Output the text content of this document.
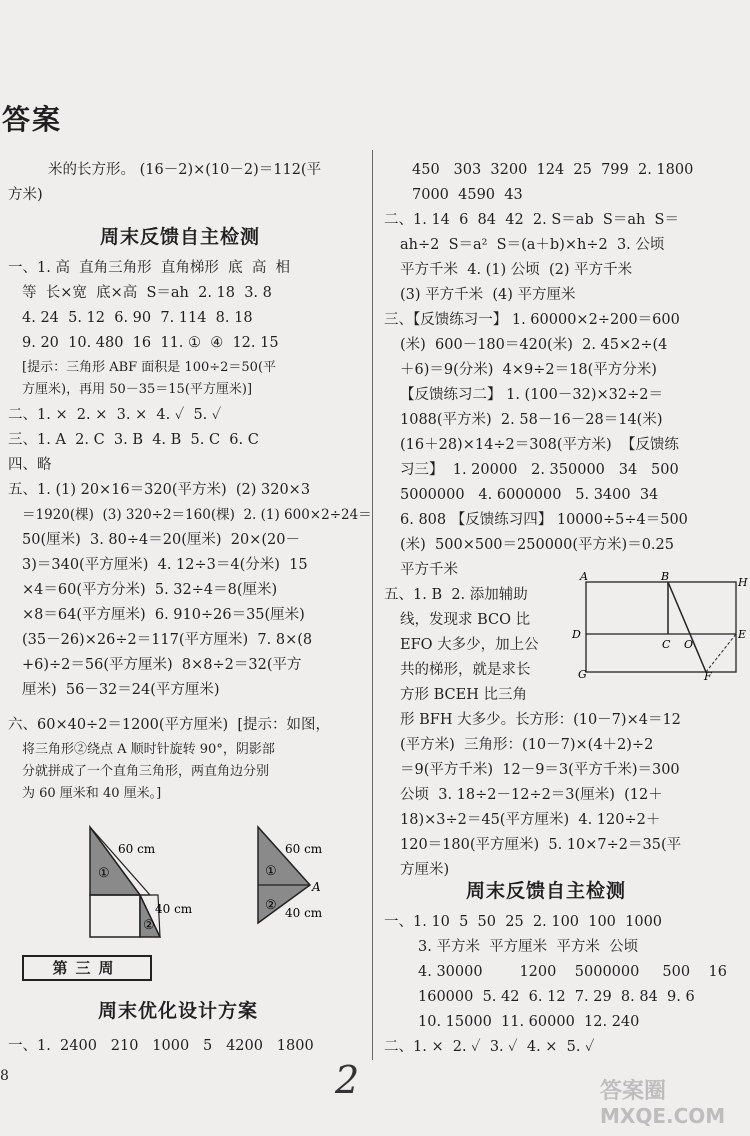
答案
米的长方形。 (16－2)×(10－2)＝112(平
方米)
周末反馈自主检测
一、1. 高  直角三角形  直角梯形  底  高  相
等  长×宽  底×高  S＝ah  2. 18  3. 8
4. 24  5. 12  6. 90  7. 114  8. 18
9. 20  10. 480  16  11. ①  ④  12. 15
[提示：三角形 ABF 面积是 100÷2＝50(平
方厘米)，再用 50－35＝15(平方厘米)]
二、1. ×  2. ×  3. ×  4. ✓  5. ✓
三、1. A  2. C  3. B  4. B  5. C  6. C
四、略
五、1. (1) 20×16＝320(平方米)  (2) 320×3
＝1920(棵)  (3) 320÷2＝160(棵)  2. (1) 600×2÷24＝
50(厘米)  3. 80÷4＝20(厘米)  20×(20－
3)＝340(平方厘米)  4. 12÷3＝4(分米)  15
×4＝60(平方分米)  5. 32÷4＝8(厘米)
×8＝64(平方厘米)  6. 910÷26＝35(厘米)
(35－26)×26÷2＝117(平方厘米)  7. 8×(8
+6)÷2＝56(平方厘米)  8×8÷2＝32(平方
厘米)  56－32＝24(平方厘米)
六、60×40÷2＝1200(平方厘米)  [提示：如图，
将三角形②绕点 A 顺时针旋转 90°，阴影部
分就拼成了一个直角三角形，两直角边分别
为 60 厘米和 40 厘米。]
60 cm
40 cm
①
②
60 cm
40 cm
A
①
②
第三周
周末优化设计方案
一、1.  2400   210   1000   5   4200   1800
450   303  3200  124  25  799  2. 1800
7000  4590  43
二、1. 14  6  84  42  2. S＝ab  S＝ah  S＝
ah÷2  S＝a²  S＝(a＋b)×h÷2  3. 公顷
平方千米  4. (1) 公顷  (2) 平方千米
(3) 平方千米  (4) 平方厘米
三、【反馈练习一】 1. 60000×2÷200＝600
(米)  600－180＝420(米)  2. 45×2÷(4
＋6)＝9(分米)  4×9÷2＝18(平方分米)
【反馈练习二】 1. (100－32)×32÷2＝
1088(平方米)  2. 58－16－28＝14(米)
(16＋28)×14÷2＝308(平方米)  【反馈练
习三】  1. 20000   2. 350000   34   500
5000000   4. 6000000   5. 3400  34
6. 808 【反馈练习四】 10000÷5÷4＝500
(米)  500×500＝250000(平方米)＝0.25
平方千米
五、1. B  2. 添加辅助
线，发现求 BCO 比
EFO 大多少，加上公
共的梯形，就是求长
方形 BCEH 比三角
形 BFH 大多少。长方形：(10－7)×4＝12
(平方米)  三角形：(10－7)×(4＋2)÷2
＝9(平方千米)  12－9＝3(平方千米)＝300
公顷  3. 18÷2－12÷2＝3(厘米)  (12＋
18)×3÷2＝45(平方厘米)  4. 120÷2＋
120＝180(平方厘米)  5. 10×7÷2＝35(平
方厘米)
A	B	H
D	E
C O
G	F
周末反馈自主检测
一、1. 10  5  50  25  2. 100  100  1000
3. 平方米  平方厘米  平方米  公顷
4. 30000        1200    5000000     500    16
160000  5. 42  6. 12  7. 29  8. 84  9. 6
10. 15000  11. 60000  12. 240
二、1. ×  2. ✓  3. ✓  4. ×  5. ✓
8	2	答案圈
MXQE.COM
